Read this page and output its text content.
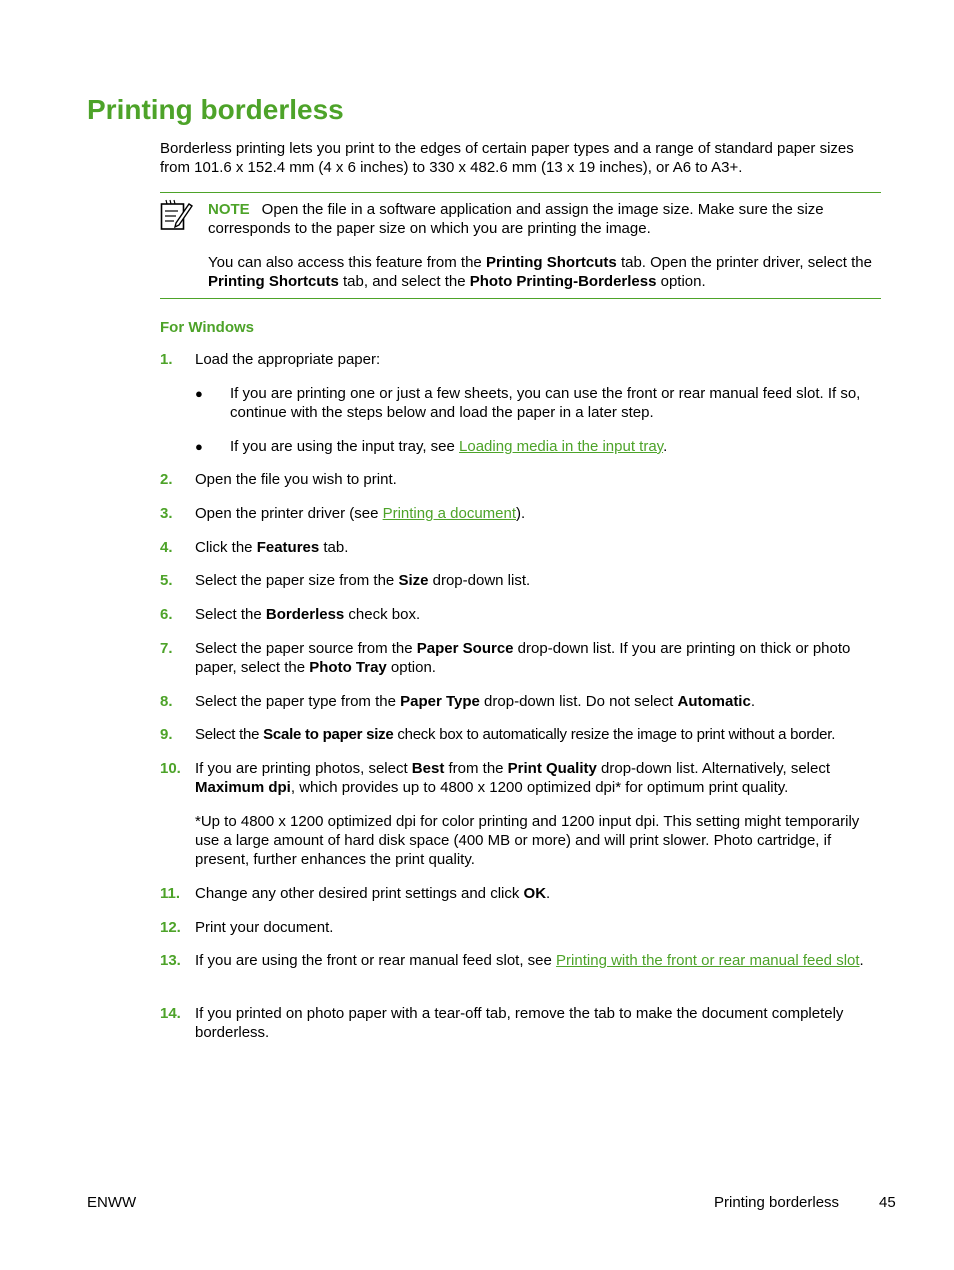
Printing borderless

Borderless printing lets you print to the edges of certain paper types and a range of standard paper sizes from 101.6 x 152.4 mm (4 x 6 inches) to 330 x 482.6 mm (13 x 19 inches), or A6 to A3+.

NOTE Open the file in a software application and assign the image size. Make sure the size corresponds to the paper size on which you are printing the image.

You can also access this feature from the Printing Shortcuts tab. Open the printer driver, select the Printing Shortcuts tab, and select the Photo Printing-Borderless option.

For Windows
1. Load the appropriate paper:
● If you are printing one or just a few sheets, you can use the front or rear manual feed slot. If so, continue with the steps below and load the paper in a later step.
● If you are using the input tray, see Loading media in the input tray.
2. Open the file you wish to print.
3. Open the printer driver (see Printing a document).
4. Click the Features tab.
5. Select the paper size from the Size drop-down list.
6. Select the Borderless check box.
7. Select the paper source from the Paper Source drop-down list. If you are printing on thick or photo paper, select the Photo Tray option.
8. Select the paper type from the Paper Type drop-down list. Do not select Automatic.
9. Select the Scale to paper size check box to automatically resize the image to print without a border.
10. If you are printing photos, select Best from the Print Quality drop-down list. Alternatively, select Maximum dpi, which provides up to 4800 x 1200 optimized dpi* for optimum print quality.

*Up to 4800 x 1200 optimized dpi for color printing and 1200 input dpi. This setting might temporarily use a large amount of hard disk space (400 MB or more) and will print slower. Photo cartridge, if present, further enhances the print quality.

11. Change any other desired print settings and click OK.
12. Print your document.
13. If you are using the front or rear manual feed slot, see Printing with the front or rear manual feed slot.
14. If you printed on photo paper with a tear-off tab, remove the tab to make the document completely borderless.
ENWW	Printing borderless	45
